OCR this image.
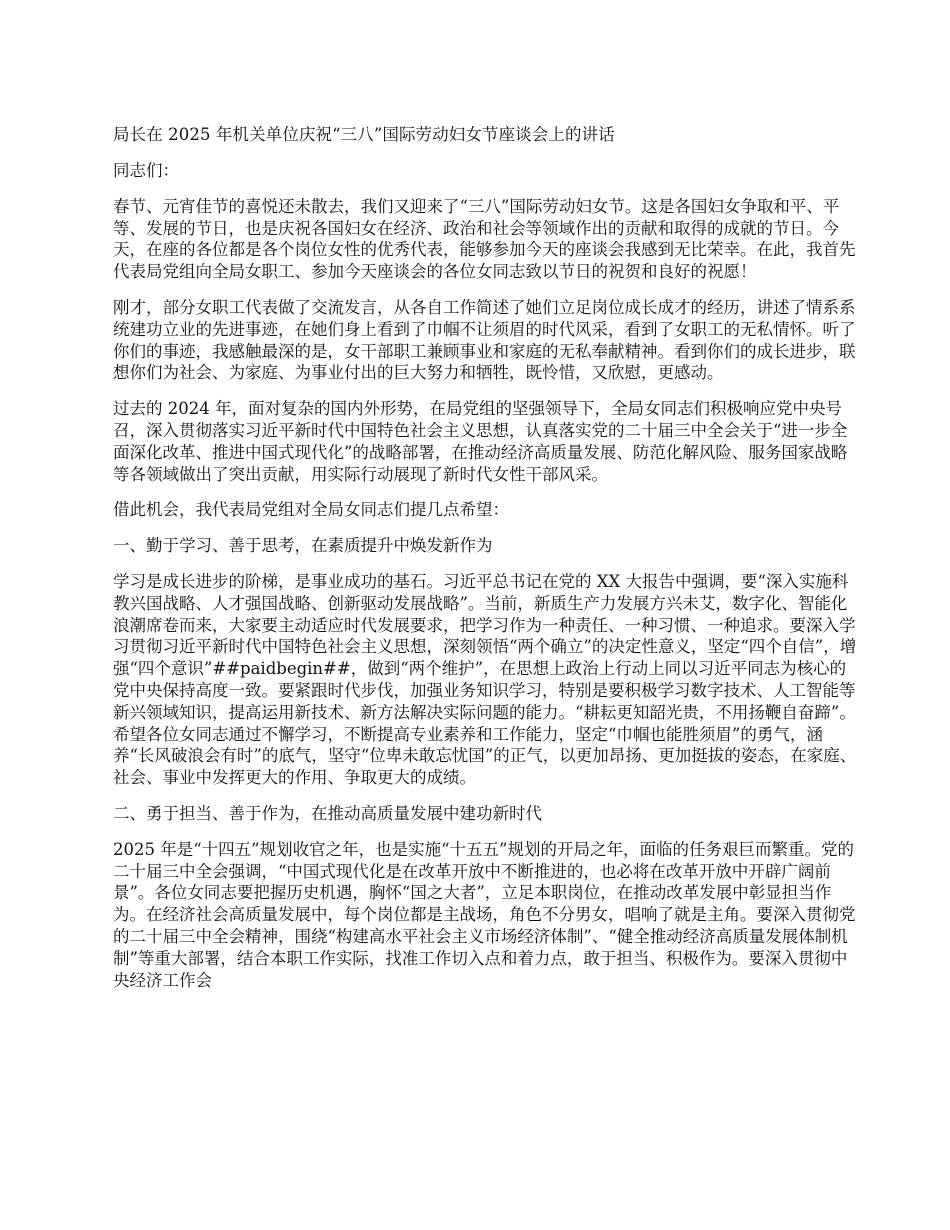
局长在 2025 年机关单位庆祝“三八”国际劳动妇女节座谈会上的讲话

同志们：

春节、元宵佳节的喜悦还未散去，我们又迎来了“三八”国际劳动妇女节。这是各国妇女争取和平、平等、发展的节日，也是庆祝各国妇女在经济、政治和社会等领域作出的贡献和取得的成就的节日。今天，在座的各位都是各个岗位女性的优秀代表，能够参加今天的座谈会我感到无比荣幸。在此，我首先代表局党组向全局女职工、参加今天座谈会的各位女同志致以节日的祝贺和良好的祝愿！

刚才，部分女职工代表做了交流发言，从各自工作简述了她们立足岗位成长成才的经历，讲述了情系系统建功立业的先进事迹，在她们身上看到了巾帼不让须眉的时代风采，看到了女职工的无私情怀。听了你们的事迹，我感触最深的是，女干部职工兼顾事业和家庭的无私奉献精神。看到你们的成长进步，联想你们为社会、为家庭、为事业付出的巨大努力和牺牲，既怜惜，又欣慰，更感动。

过去的 2024 年，面对复杂的国内外形势，在局党组的坚强领导下，全局女同志们积极响应党中央号召，深入贯彻落实习近平新时代中国特色社会主义思想，认真落实党的二十届三中全会关于“进一步全面深化改革、推进中国式现代化”的战略部署，在推动经济高质量发展、防范化解风险、服务国家战略等各领域做出了突出贡献，用实际行动展现了新时代女性干部风采。

借此机会，我代表局党组对全局女同志们提几点希望：

一、勤于学习、善于思考，在素质提升中焕发新作为

学习是成长进步的阶梯，是事业成功的基石。习近平总书记在党的 XX 大报告中强调，要“深入实施科教兴国战略、人才强国战略、创新驱动发展战略”。当前，新质生产力发展方兴未艾，数字化、智能化浪潮席卷而来，大家要主动适应时代发展要求，把学习作为一种责任、一种习惯、一种追求。要深入学习贯彻习近平新时代中国特色社会主义思想，深刻领悟“两个确立”的决定性意义，坚定“四个自信”，增强“四个意识”##paidbegin##，做到“两个维护”，在思想上政治上行动上同以习近平同志为核心的党中央保持高度一致。要紧跟时代步伐，加强业务知识学习，特别是要积极学习数字技术、人工智能等新兴领域知识，提高运用新技术、新方法解决实际问题的能力。“耕耘更知韶光贵，不用扬鞭自奋蹄”。希望各位女同志通过不懈学习，不断提高专业素养和工作能力，坚定“巾帼也能胜须眉”的勇气，涵养“长风破浪会有时”的底气，坚守“位卑未敢忘忧国”的正气，以更加昂扬、更加挺拔的姿态，在家庭、社会、事业中发挥更大的作用、争取更大的成绩。

二、勇于担当、善于作为，在推动高质量发展中建功新时代

2025 年是“十四五”规划收官之年，也是实施“十五五”规划的开局之年，面临的任务艰巨而繁重。党的二十届三中全会强调，“中国式现代化是在改革开放中不断推进的，也必将在改革开放中开辟广阔前景”。各位女同志要把握历史机遇，胸怀“国之大者”，立足本职岗位，在推动改革发展中彰显担当作为。在经济社会高质量发展中，每个岗位都是主战场，角色不分男女，唱响了就是主角。要深入贯彻党的二十届三中全会精神，围绕“构建高水平社会主义市场经济体制”、“健全推动经济高质量发展体制机制”等重大部署，结合本职工作实际，找准工作切入点和着力点，敢于担当、积极作为。要深入贯彻中央经济工作会
